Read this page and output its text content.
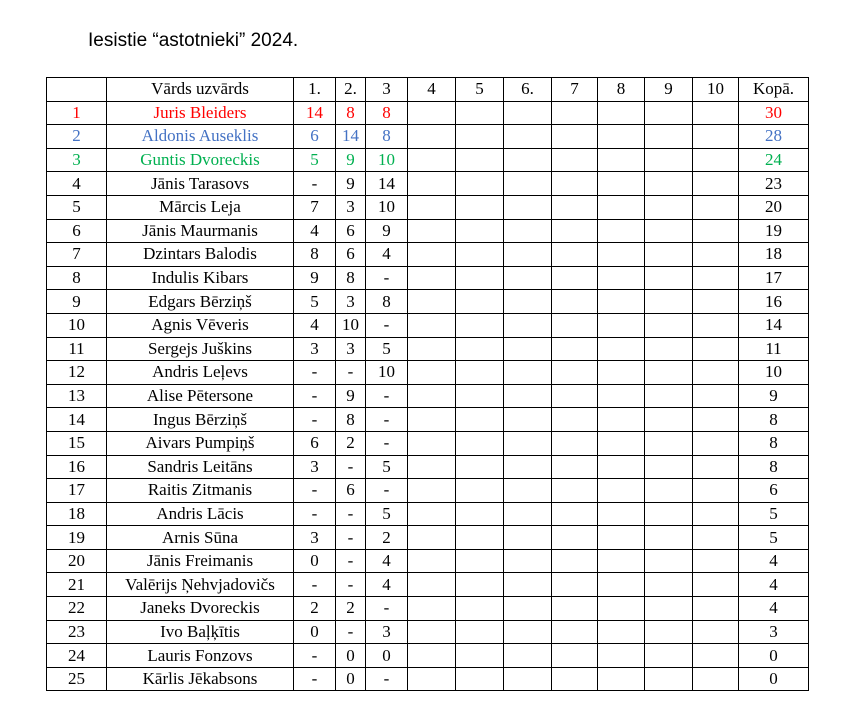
Iesistie “astotnieki” 2024.
	Vārds uzvārds	1.	2.	3	4	5	6.	7	8	9	10	Kopā.
1	Juris Bleiders	14	8	8								30
2	Aldonis Auseklis	6	14	8								28
3	Guntis Dvoreckis	5	9	10								24
4	Jānis Tarasovs	-	9	14								23
5	Mārcis Leja	7	3	10								20
6	Jānis Maurmanis	4	6	9								19
7	Dzintars Balodis	8	6	4								18
8	Indulis Kibars	9	8	-								17
9	Edgars Bērziņš	5	3	8								16
10	Agnis Vēveris	4	10	-								14
11	Sergejs Juškins	3	3	5								11
12	Andris Leļevs	-	-	10								10
13	Alise Pētersone	-	9	-								9
14	Ingus Bērziņš	-	8	-								8
15	Aivars Pumpiņš	6	2	-								8
16	Sandris Leitāns	3	-	5								8
17	Raitis Zitmanis	-	6	-								6
18	Andris Lācis	-	-	5								5
19	Arnis Sūna	3	-	2								5
20	Jānis Freimanis	0	-	4								4
21	Valērijs Ņehvjadovičs	-	-	4								4
22	Janeks Dvoreckis	2	2	-								4
23	Ivo Baļķītis	0	-	3								3
24	Lauris Fonzovs	-	0	0								0
25	Kārlis Jēkabsons	-	0	-								0
